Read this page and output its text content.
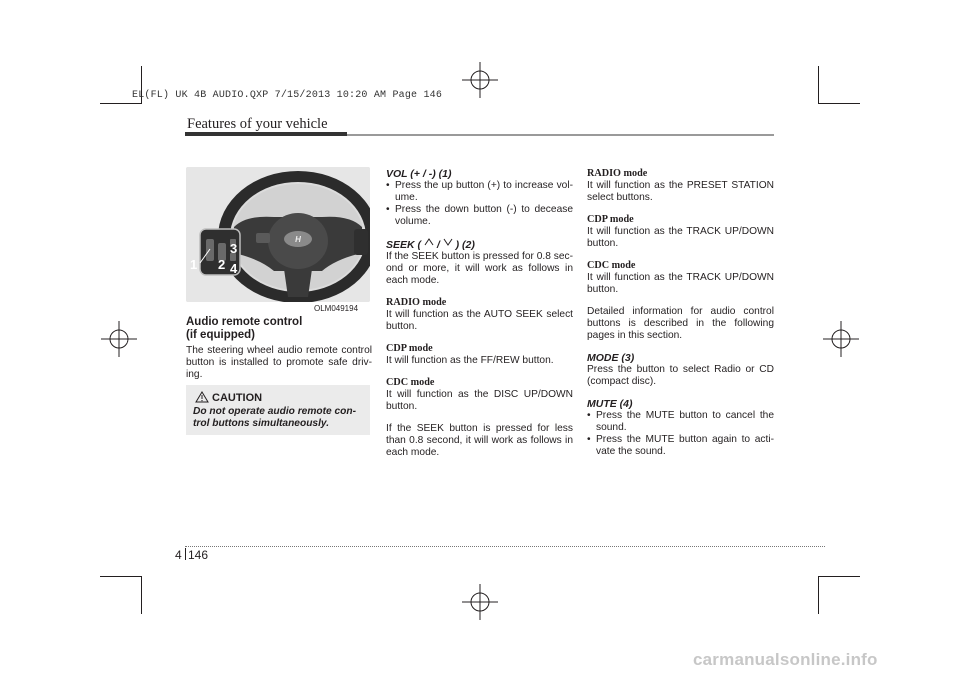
EL(FL) UK 4B AUDIO.QXP 7/15/2013 10:20 AM Page 146
Features of your vehicle
H
1 2
3
4
OLM049194
Audio remote control
(if equipped)
The steering wheel audio remote control button is installed to promote safe driv-ing.
CAUTION
Do not operate audio remote con-trol buttons simultaneously.
VOL (+ / -) (1)
• Press the up button (+) to increase vol-ume.
• Press the down button (-) to decease volume.
SEEK ( / ) (2)

If the SEEK button is pressed for 0.8 sec-ond or more, it will work as follows in each mode.

RADIO mode

It will function as the AUTO SEEK select button.

CDP mode

It will function as the FF/REW button.

CDC mode

It will function as the DISC UP/DOWN button.

If the SEEK button is pressed for less than 0.8 second, it will work as follows in each mode.

RADIO mode

It will function as the PRESET STATION select buttons.

CDP mode

It will function as the TRACK UP/DOWN button.

CDC mode

It will function as the TRACK UP/DOWN button.

Detailed information for audio control buttons is described in the following pages in this section.

MODE (3)

Press the button to select Radio or CD (compact disc).

MUTE (4)
• Press the MUTE button to cancel the sound.
• Press the MUTE button again to acti-vate the sound.
4 146
carmanualsonline.info
